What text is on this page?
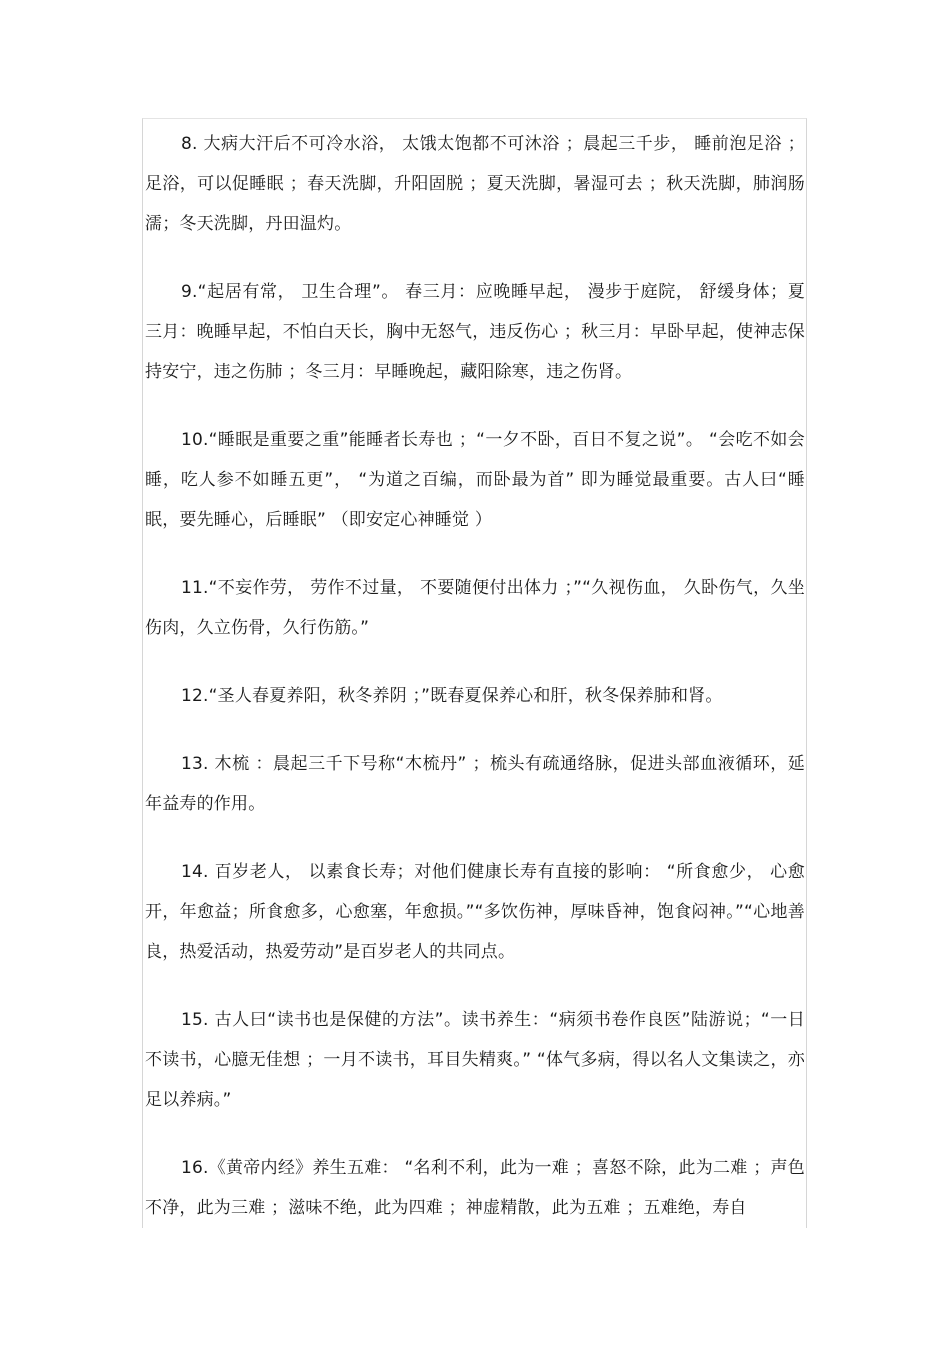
8. 大病大汗后不可冷水浴， 太饿太饱都不可沐浴 ；晨起三千步， 睡前泡足浴 ；足浴，可以促睡眠 ；春天洗脚，升阳固脱 ；夏天洗脚，暑湿可去 ；秋天洗脚，肺润肠濡；冬天洗脚，丹田温灼。

9.“起居有常， 卫生合理”。 春三月：应晚睡早起， 漫步于庭院， 舒缓身体；夏三月：晚睡早起，不怕白天长，胸中无怒气，违反伤心 ；秋三月：早卧早起，使神志保持安宁，违之伤肺 ；冬三月：早睡晚起，藏阳除寒，违之伤肾。

10.“睡眠是重要之重”能睡者长寿也 ；“一夕不卧，百日不复之说”。 “会吃不如会睡，吃人参不如睡五更”， “为道之百编，而卧最为首” 即为睡觉最重要。古人曰“睡眠，要先睡心，后睡眠” （即安定心神睡觉 ）

11.“不妄作劳， 劳作不过量， 不要随便付出体力 ；”“久视伤血， 久卧伤气，久坐伤肉，久立伤骨，久行伤筋。”

12.“圣人春夏养阳，秋冬养阴 ；”既春夏保养心和肝，秋冬保养肺和肾。

13. 木梳 ：晨起三千下号称“木梳丹” ；梳头有疏通络脉，促进头部血液循环，延年益寿的作用。

14. 百岁老人， 以素食长寿；对他们健康长寿有直接的影响： “所食愈少， 心愈开，年愈益；所食愈多，心愈塞，年愈损。”“多饮伤神，厚味昏神，饱食闷神。”“心地善良，热爱活动，热爱劳动”是百岁老人的共同点。

15. 古人曰“读书也是保健的方法”。读书养生：“病须书卷作良医”陆游说；“一日不读书，心臆无佳想 ；一月不读书，耳目失精爽。” “体气多病，得以名人文集读之，亦足以养病。”

16.《黄帝内经》养生五难： “名利不利，此为一难 ；喜怒不除，此为二难 ；声色不净，此为三难 ；滋味不绝，此为四难 ；神虚精散，此为五难 ；五难绝，寿自
